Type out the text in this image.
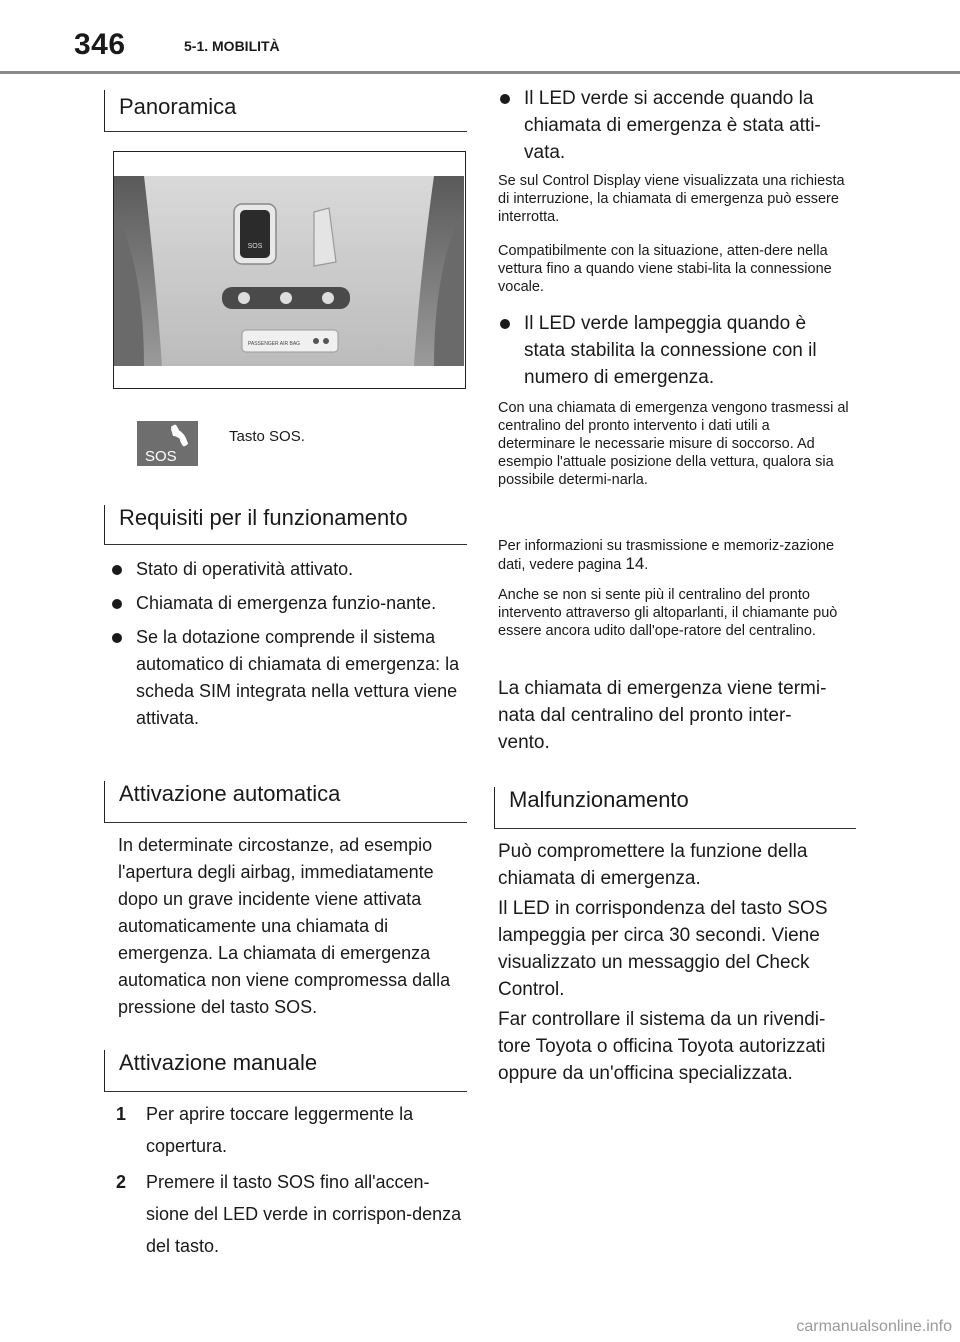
346	5-1. MOBILITÀ
Panoramica
SOS
PASSENGER AIR BAG
SOS
Tasto SOS.
Requisiti per il funzionamento
Stato di operatività attivato.
Chiamata di emergenza funzio-nante.
Se la dotazione comprende il sistema automatico di chiamata di emergenza: la scheda SIM integrata nella vettura viene attivata.
Attivazione automatica

In determinate circostanze, ad esempio l'apertura degli airbag, immediatamente dopo un grave incidente viene attivata automaticamente una chiamata di emergenza. La chiamata di emergenza automatica non viene compromessa dalla pressione del tasto SOS.

Attivazione manuale
1 Per aprire toccare leggermente la copertura.
2 Premere il tasto SOS fino all'accen-sione del LED verde in corrispon-denza del tasto.
Il LED verde si accende quando la chiamata di emergenza è stata atti-vata.

Se sul Control Display viene visualizzata una richiesta di interruzione, la chiamata di emergenza può essere interrotta.

Compatibilmente con la situazione, atten-dere nella vettura fino a quando viene stabi-lita la connessione vocale.

Il LED verde lampeggia quando è stata stabilita la connessione con il numero di emergenza.

Con una chiamata di emergenza vengono trasmessi al centralino del pronto intervento i dati utili a determinare le necessarie misure di soccorso. Ad esempio l'attuale posizione della vettura, qualora sia possibile determi-narla.

Per informazioni su trasmissione e memoriz-zazione dati, vedere pagina 14.

Anche se non si sente più il centralino del pronto intervento attraverso gli altoparlanti, il chiamante può essere ancora udito dall'ope-ratore del centralino.

La chiamata di emergenza viene termi-nata dal centralino del pronto inter-vento.

Malfunzionamento

Può compromettere la funzione della chiamata di emergenza.

Il LED in corrispondenza del tasto SOS lampeggia per circa 30 secondi. Viene visualizzato un messaggio del Check Control.

Far controllare il sistema da un rivendi-tore Toyota o officina Toyota autorizzati oppure da un'officina specializzata.

carmanualsonline.info
